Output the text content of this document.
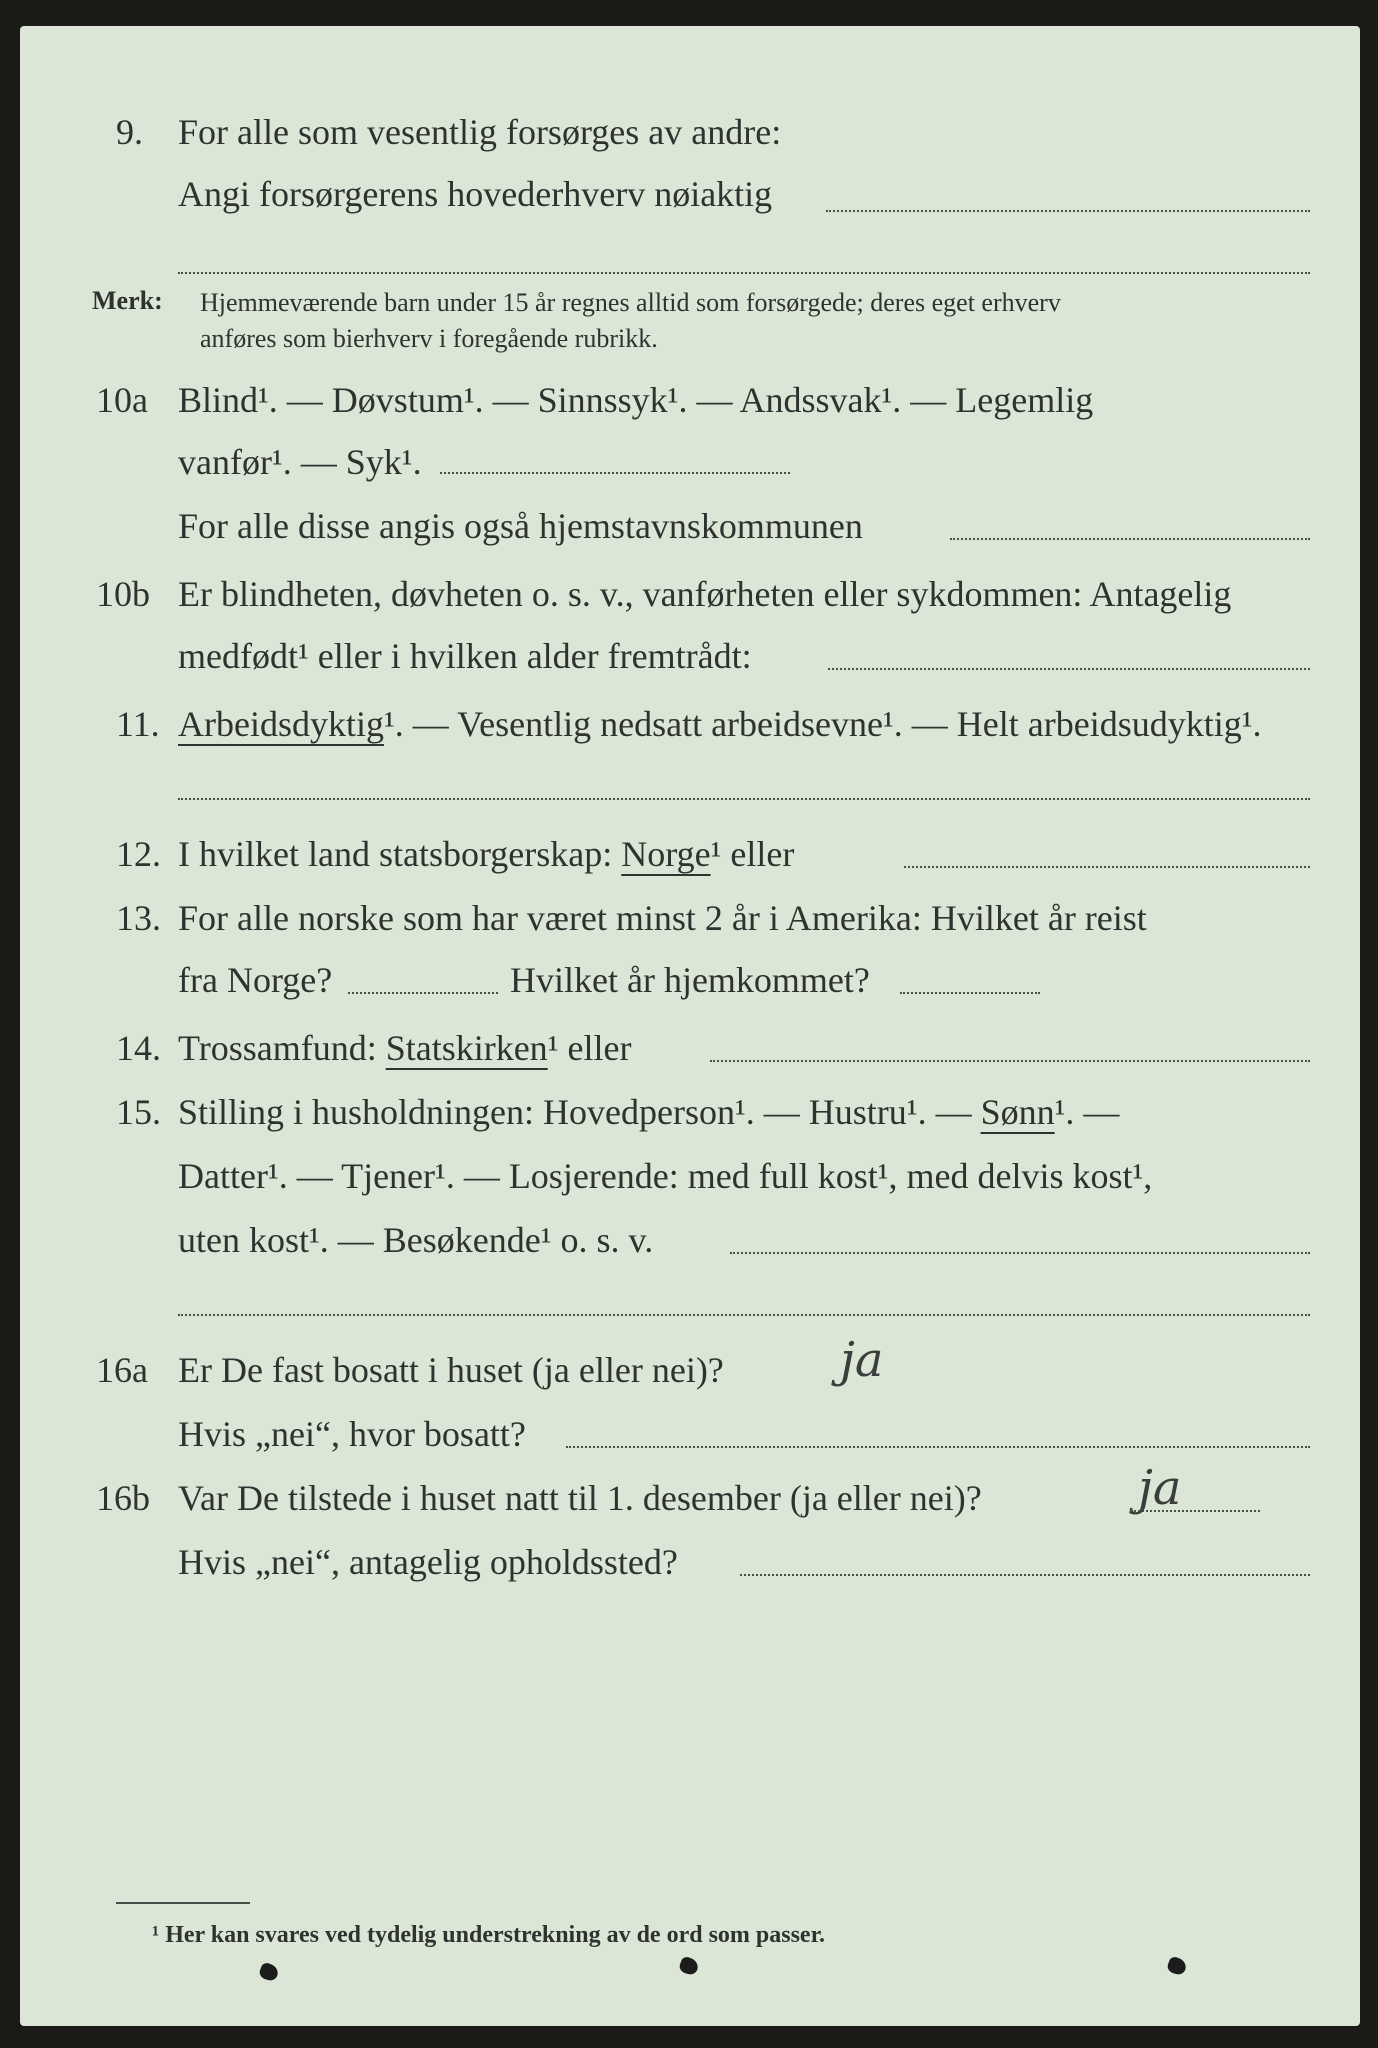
9. For alle som vesentlig forsørges av andre:
Angi forsørgerens hovederhverv nøiaktig
Merk: Hjemmeværende barn under 15 år regnes alltid som forsørgede; deres eget erhverv
anføres som bierhverv i foregående rubrikk.
10a Blind¹. — Døvstum¹. — Sinnssyk¹. — Andssvak¹. — Legemlig
vanfør¹. — Syk¹.
For alle disse angis også hjemstavnskommunen
10b Er blindheten, døvheten o. s. v., vanførheten eller sykdommen: Antagelig
medfødt¹ eller i hvilken alder fremtrådt:
11. Arbeidsdyktig¹. — Vesentlig nedsatt arbeidsevne¹. — Helt arbeidsudyktig¹.
12. I hvilket land statsborgerskap: Norge¹ eller
13. For alle norske som har været minst 2 år i Amerika: Hvilket år reist
fra Norge?	Hvilket år hjemkommet?
14. Trossamfund: Statskirken¹ eller
15. Stilling i husholdningen: Hovedperson¹. — Hustru¹. — Sønn¹. —
Datter¹. — Tjener¹. — Losjerende: med full kost¹, med delvis kost¹,
uten kost¹. — Besøkende¹ o. s. v.
16a Er De fast bosatt i huset (ja eller nei)? ja
Hvis „nei“, hvor bosatt?
16b Var De tilstede i huset natt til 1. desember (ja eller nei)?	ja
Hvis „nei“, antagelig opholdssted?
¹ Her kan svares ved tydelig understrekning av de ord som passer.
